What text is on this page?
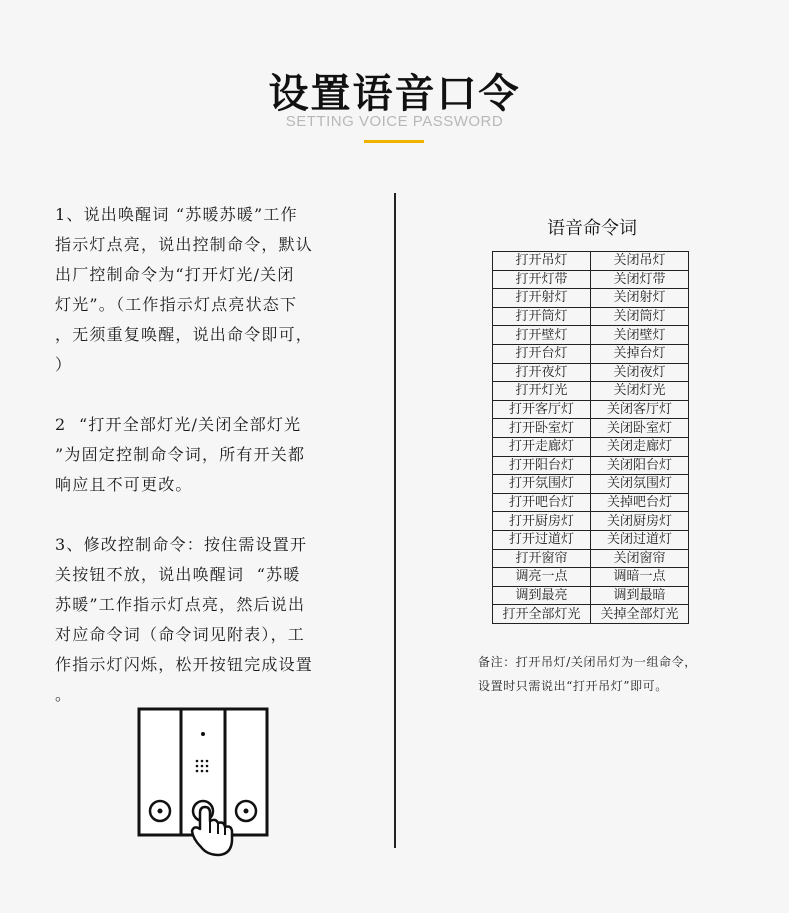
设置语音口令
SETTING VOICE PASSWORD

1、说出唤醒词 “苏暖苏暖”工作
指示灯点亮，说出控制命令，默认
出厂控制命令为“打开灯光/关闭
灯光”。（工作指示灯点亮状态下
，无须重复唤醒，说出命令即可，
）

2  “打开全部灯光/关闭全部灯光
”为固定控制命令词，所有开关都
响应且不可更改。

3、修改控制命令：按住需设置开
关按钮不放，说出唤醒词  “苏暖
苏暖”工作指示灯点亮，然后说出
对应命令词（命令词见附表），工
作指示灯闪烁，松开按钮完成设置
。

语音命令词
打开吊灯	关闭吊灯
打开灯带	关闭灯带
打开射灯	关闭射灯
打开筒灯	关闭筒灯
打开壁灯	关闭壁灯
打开台灯	关掉台灯
打开夜灯	关闭夜灯
打开灯光	关闭灯光
打开客厅灯	关闭客厅灯
打开卧室灯	关闭卧室灯
打开走廊灯	关闭走廊灯
打开阳台灯	关闭阳台灯
打开氛围灯	关闭氛围灯
打开吧台灯	关掉吧台灯
打开厨房灯	关闭厨房灯
打开过道灯	关闭过道灯
打开窗帘	关闭窗帘
调亮一点	调暗一点
调到最亮	调到最暗
打开全部灯光	关掉全部灯光
备注：打开吊灯/关闭吊灯为一组命令，
设置时只需说出“打开吊灯”即可。
